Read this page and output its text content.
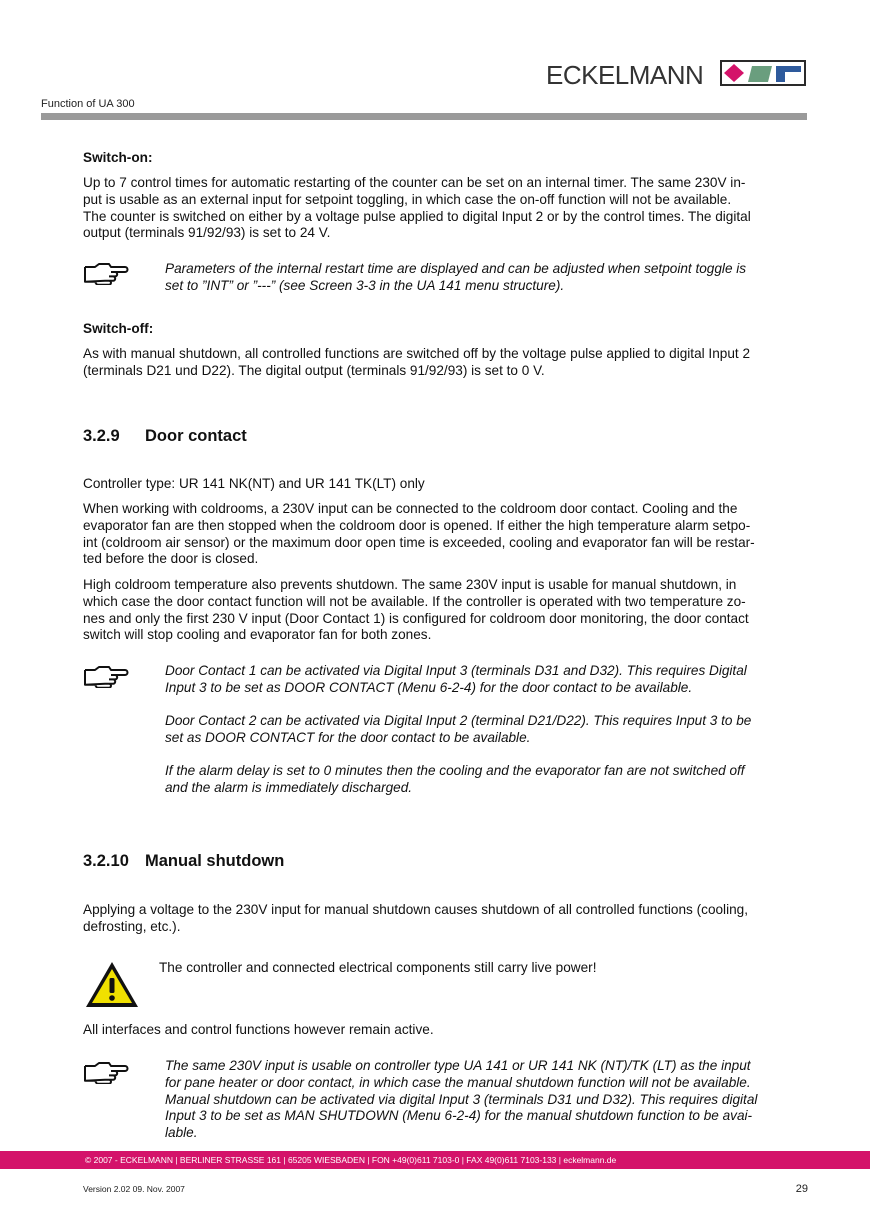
ECKELMANN
Function of UA 300
Switch-on:
Up to 7 control times for automatic restarting of the counter can be set on an internal timer. The same 230V in-
put is usable as an external input for setpoint toggling, in which case the on-off function will not be available.
The counter is switched on either by a voltage pulse applied to digital Input 2 or by the control times. The digital
output (terminals 91/92/93) is set to 24 V.
Parameters of the internal restart time are displayed and can be adjusted when setpoint toggle is
set to ”INT” or ”---” (see Screen 3-3 in the UA 141 menu structure).
Switch-off:
As with manual shutdown, all controlled functions are switched off by the voltage pulse applied to digital Input 2
(terminals D21 und D22). The digital output (terminals 91/92/93) is set to 0 V.
3.2.9 Door contact
Controller type: UR 141 NK(NT) and UR 141 TK(LT) only
When working with coldrooms, a 230V input can be connected to the coldroom door contact. Cooling and the
evaporator fan are then stopped when the coldroom door is opened. If either the high temperature alarm setpo-
int (coldroom air sensor) or the maximum door open time is exceeded, cooling and evaporator fan will be restar-
ted before the door is closed.
High coldroom temperature also prevents shutdown. The same 230V input is usable for manual shutdown, in
which case the door contact function will not be available. If the controller is operated with two temperature zo-
nes and only the first 230 V input (Door Contact 1) is configured for coldroom door monitoring, the door contact
switch will stop cooling and evaporator fan for both zones.
Door Contact 1 can be activated via Digital Input 3 (terminals D31 and D32). This requires Digital
Input 3 to be set as DOOR CONTACT (Menu 6-2-4) for the door contact to be available.
Door Contact 2 can be activated via Digital Input 2 (terminal D21/D22). This requires Input 3 to be
set as DOOR CONTACT for the door contact to be available.
If the alarm delay is set to 0 minutes then the cooling and the evaporator fan are not switched off
and the alarm is immediately discharged.
3.2.10 Manual shutdown
Applying a voltage to the 230V input for manual shutdown causes shutdown of all controlled functions (cooling,
defrosting, etc.).
The controller and connected electrical components still carry live power!
All interfaces and control functions however remain active.
The same 230V input is usable on controller type UA 141 or UR 141 NK (NT)/TK (LT) as the input
for pane heater or door contact, in which case the manual shutdown function will not be available.
Manual shutdown can be activated via digital Input 3 (terminals D31 und D32). This requires digital
Input 3 to be set as MAN SHUTDOWN (Menu 6-2-4) for the manual shutdown function to be avai-
lable.
© 2007 - ECKELMANN | BERLINER STRASSE 161 | 65205 WIESBADEN | FON +49(0)611 7103-0 | FAX 49(0)611 7103-133 | eckelmann.de
Version 2.02 09. Nov. 2007	29
